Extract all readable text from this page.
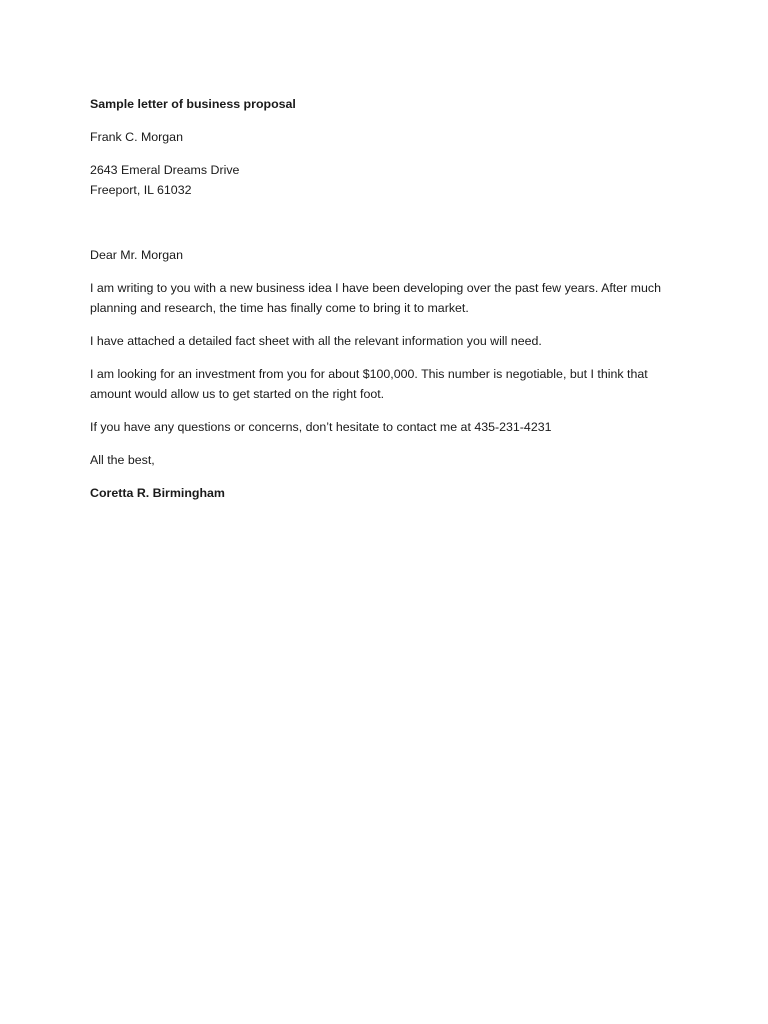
Sample letter of business proposal

Frank C. Morgan

2643 Emeral Dreams Drive
Freeport, IL 61032

Dear Mr. Morgan

I am writing to you with a new business idea I have been developing over the past few years. After much planning and research, the time has finally come to bring it to market.

I have attached a detailed fact sheet with all the relevant information you will need.

I am looking for an investment from you for about $100,000. This number is negotiable, but I think that amount would allow us to get started on the right foot.

If you have any questions or concerns, don’t hesitate to contact me at 435-231-4231

All the best,

Coretta R. Birmingham
